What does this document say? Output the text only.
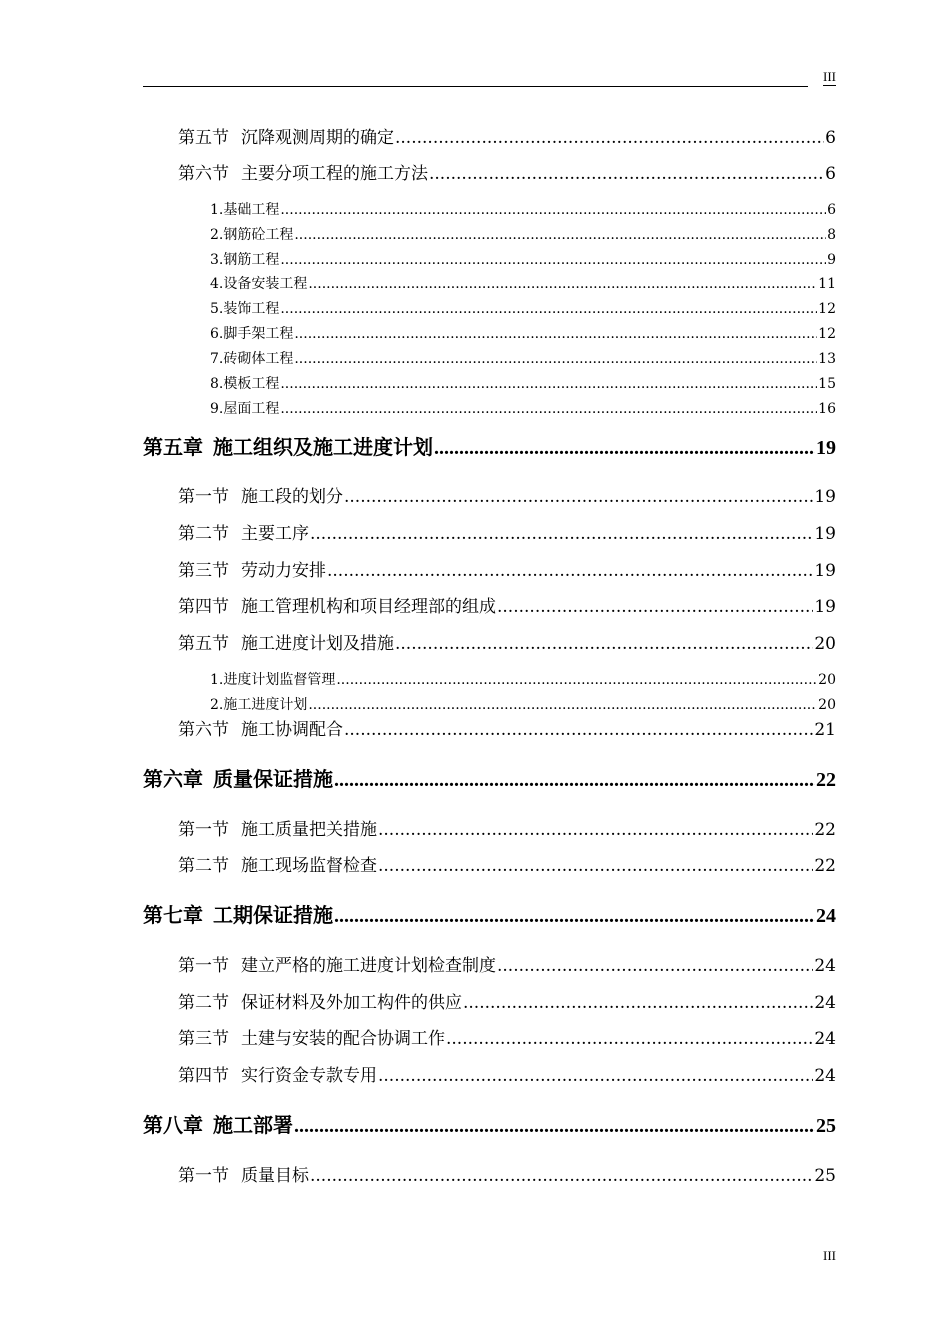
III
第五节 沉降观测周期的确定 .....	6
第六节 主要分项工程的施工方法 .....	6
1.基础工程 .....	6
2.钢筋砼工程 .....	8
3.钢筋工程 .....	9
4.设备安装工程 .....	11
5.装饰工程 .....	12
6.脚手架工程 .....	12
7.砖砌体工程 .....	13
8.模板工程 .....	15
9.屋面工程 .....	16
第五章 施工组织及施工进度计划 .....	19
第一节 施工段的划分 .....	19
第二节 主要工序 .....	19
第三节 劳动力安排 .....	19
第四节 施工管理机构和项目经理部的组成 .....	19
第五节 施工进度计划及措施 .....	20
1.进度计划监督管理 .....	20
2.施工进度计划 .....	20
第六节 施工协调配合 .....	21
第六章 质量保证措施 .....	22
第一节 施工质量把关措施 .....	22
第二节 施工现场监督检查 .....	22
第七章 工期保证措施 .....	24
第一节 建立严格的施工进度计划检查制度 .....	24
第二节 保证材料及外加工构件的供应 .....	24
第三节 土建与安装的配合协调工作 .....	24
第四节 实行资金专款专用 .....	24
第八章 施工部署 .....	25
第一节 质量目标 .....	25
III
